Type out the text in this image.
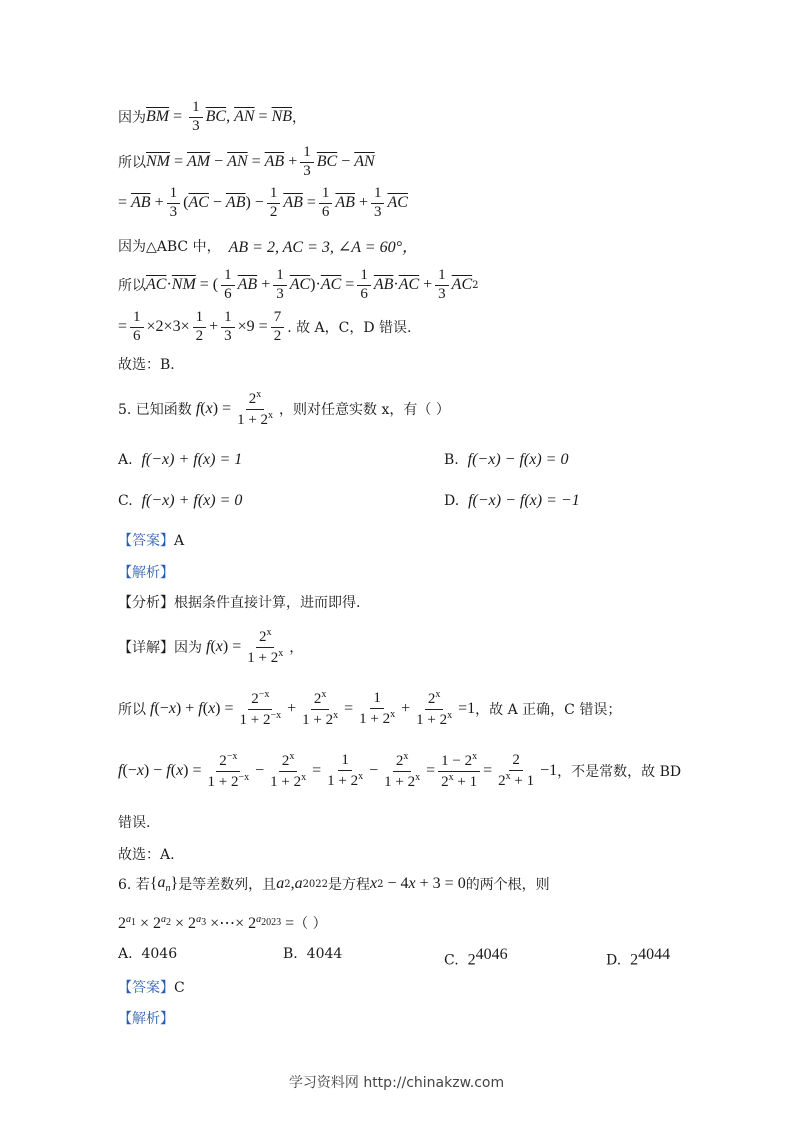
因为 $\overline{BM} = \frac{1}{3} \overline{BC}$ , $\overline{AN} = \overline{NB}$ ，
所以 $\overline{NM} = \overline{AM} - \overline{AN} = \overline{AB} + \frac{1}{3} \overline{BC} - \overline{AN}$
= $\overline{AB} + \frac{1}{3}$ ( $\overline{AC} - \overline{AB}$ ) − $\frac{1}{2} \overline{AB} = \frac{1}{6} \overline{AB} + \frac{1}{3} \overline{AC}$
因为 △ABC 中， AB = 2, AC = 3, ∠A = 60°，
所以 $\overline{AC} \cdot \overline{NM}$ = ( $\frac{1}{6} \overline{AB} + \frac{1}{3} \overline{AC}$ )· $\overline{AC} = \frac{1}{6} \overline{AB} \cdot \overline{AC} + \frac{1}{3} \overline{AC}$ 2
= $\frac{1}{6} \times 2\times 3\times \frac{1}{2} + \frac{1}{3} \times 9 = \frac{7}{2}$ . 故 A，C，D 错误.
故选：B.
5. 已知函数 f ( x ) = $\frac{2^x}{1 + 2^x}$ ，则对任意实数 x，有（ ）
A. f(−x) + f(x) = 1	B. f(−x) − f(x) = 0
C. f(−x) + f(x) = 0	D. f(−x) − f(x) = −1
【答案】A
【解析】
【分析】根据条件直接计算，进而即得.
【详解】 因为 f ( x ) = $\frac{2^x}{1 + 2^x}$ ，
所以 f (− x ) + f ( x ) = $\frac{2^{-x}}{1 + 2^{-x}} + \frac{2^x}{1 + 2^x} = \frac{1}{1 + 2^x} + \frac{2^x}{1 + 2^x} =1$ ，故 A 正确，C 错误；
f (− x ) − f ( x ) = $\frac{2^{-x}}{1 + 2^{-x}} - \frac{2^x}{1 + 2^x} = \frac{1}{1 + 2^x} - \frac{2^x}{1 + 2^x} = \frac{1 - 2^x}{2^x + 1} = \frac{2}{2^x + 1} -1$ ，不是常数，故 BD
错误.
故选：A.
6. 若 { $a_n$ } 是等差数列，且 a 2 , a 2022 是方程 x 2 − 4 x + 3 = 0 的两个根，则
$2^{a_1} \times 2^{a_2} \times 2^{a_3}$ ×⋯× $2^{a_{2023}}$ = （ ）
A. 4046	B. 4044	C. $2^{4046}$	D. $2^{4044}$
【答案】C
【解析】
学习资料网 http://chinakzw.com
